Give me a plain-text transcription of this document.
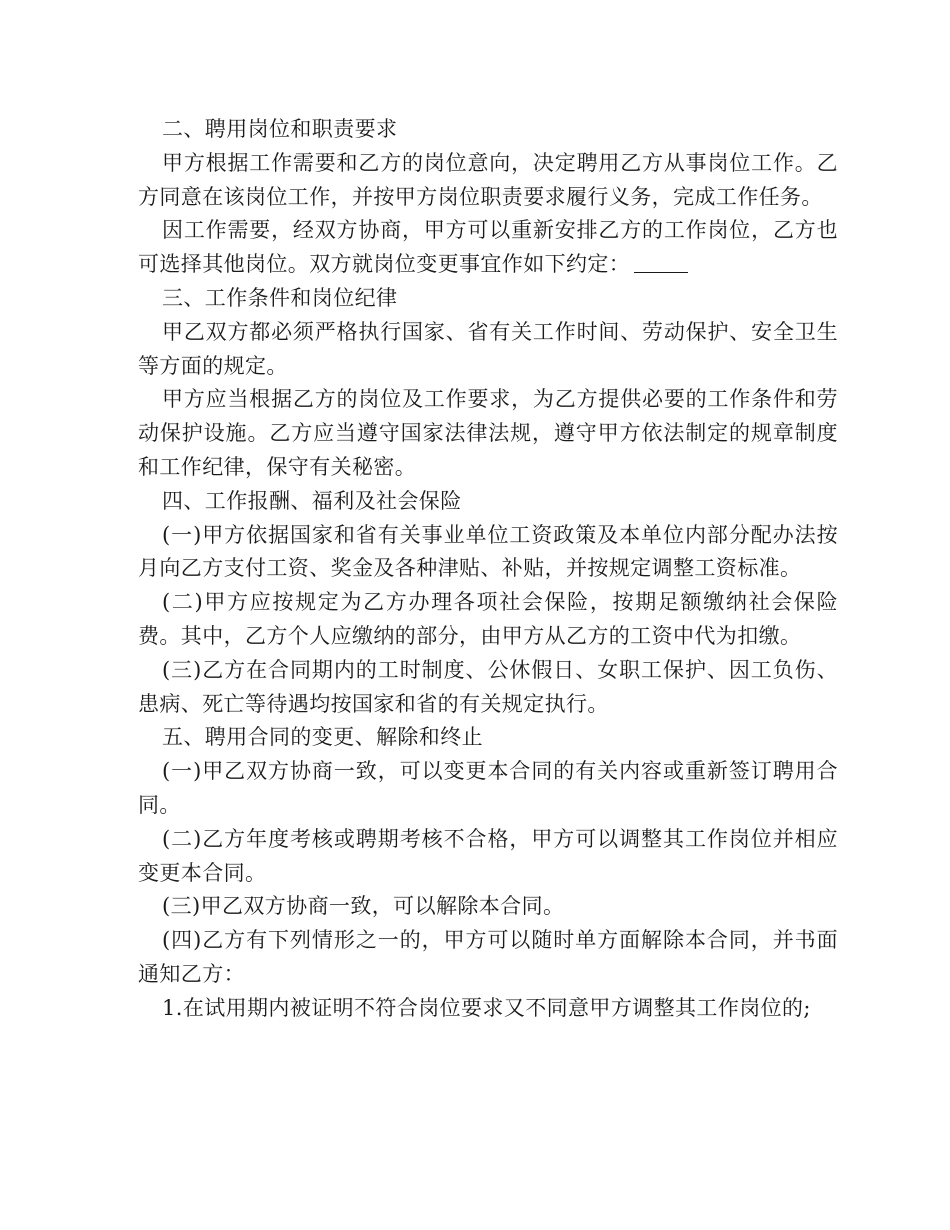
二、聘用岗位和职责要求

甲方根据工作需要和乙方的岗位意向，决定聘用乙方从事岗位工作。乙方同意在该岗位工作，并按甲方岗位职责要求履行义务，完成工作任务。

因工作需要，经双方协商，甲方可以重新安排乙方的工作岗位，乙方也可选择其他岗位。双方就岗位变更事宜作如下约定：

三、工作条件和岗位纪律

甲乙双方都必须严格执行国家、省有关工作时间、劳动保护、安全卫生等方面的规定。

甲方应当根据乙方的岗位及工作要求，为乙方提供必要的工作条件和劳动保护设施。乙方应当遵守国家法律法规，遵守甲方依法制定的规章制度和工作纪律，保守有关秘密。

四、工作报酬、福利及社会保险

(一)甲方依据国家和省有关事业单位工资政策及本单位内部分配办法按月向乙方支付工资、奖金及各种津贴、补贴，并按规定调整工资标准。

(二)甲方应按规定为乙方办理各项社会保险，按期足额缴纳社会保险费。其中，乙方个人应缴纳的部分，由甲方从乙方的工资中代为扣缴。

(三)乙方在合同期内的工时制度、公休假日、女职工保护、因工负伤、患病、死亡等待遇均按国家和省的有关规定执行。

五、聘用合同的变更、解除和终止

(一)甲乙双方协商一致，可以变更本合同的有关内容或重新签订聘用合同。

(二)乙方年度考核或聘期考核不合格，甲方可以调整其工作岗位并相应变更本合同。

(三)甲乙双方协商一致，可以解除本合同。

(四)乙方有下列情形之一的，甲方可以随时单方面解除本合同，并书面通知乙方：

1.在试用期内被证明不符合岗位要求又不同意甲方调整其工作岗位的;
